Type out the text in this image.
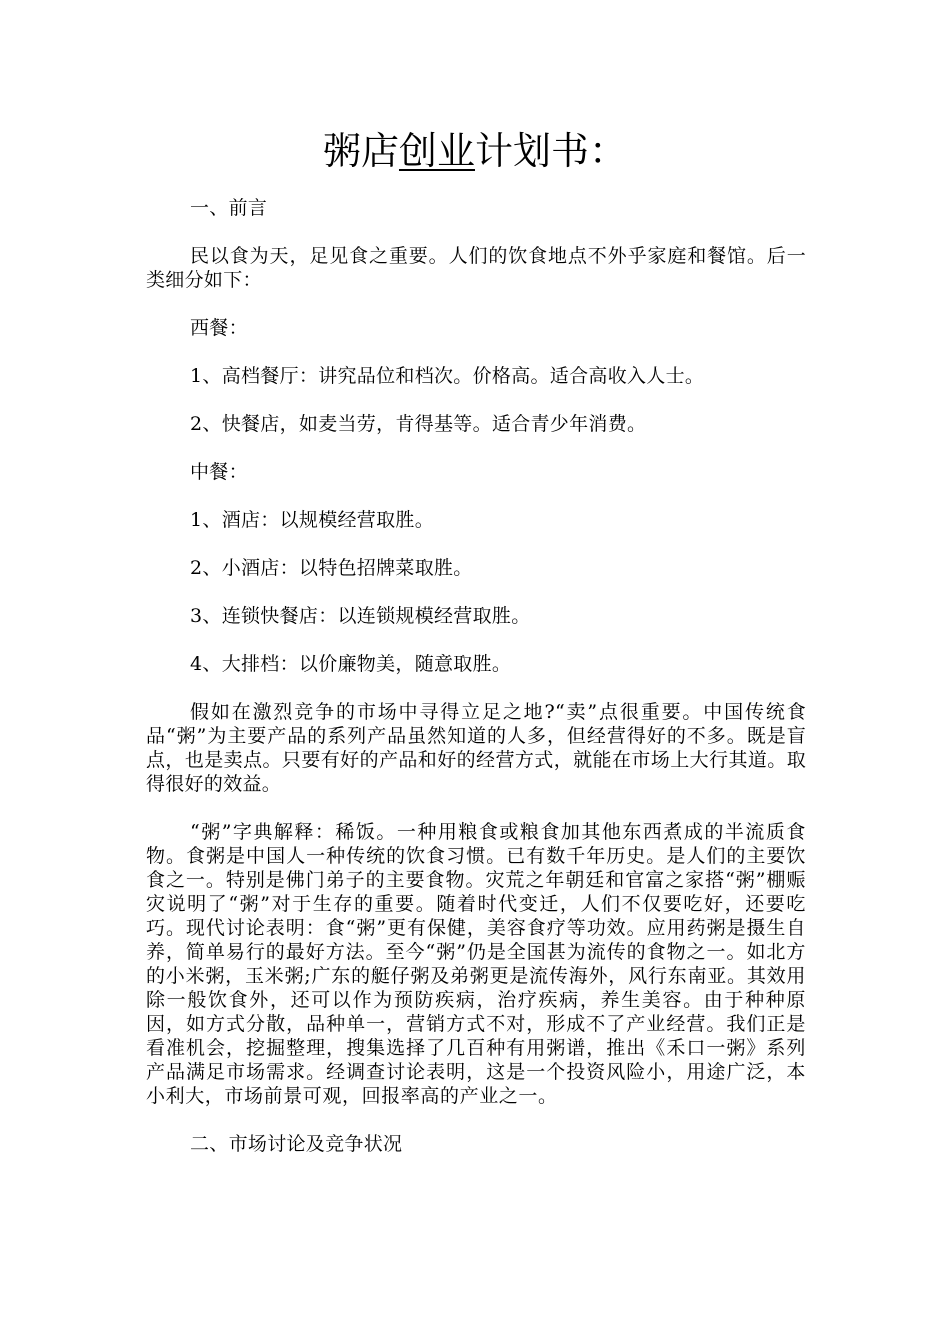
粥店创业计划书：

一、前言

民以食为天，足见食之重要。人们的饮食地点不外乎家庭和餐馆。后一类细分如下：

西餐：

1、高档餐厅：讲究品位和档次。价格高。适合高收入人士。

2、快餐店，如麦当劳，肯得基等。适合青少年消费。

中餐：

1、酒店：以规模经营取胜。

2、小酒店：以特色招牌菜取胜。

3、连锁快餐店：以连锁规模经营取胜。

4、大排档：以价廉物美，随意取胜。

假如在激烈竞争的市场中寻得立足之地?“卖”点很重要。中国传统食品“粥”为主要产品的系列产品虽然知道的人多，但经营得好的不多。既是盲点，也是卖点。只要有好的产品和好的经营方式，就能在市场上大行其道。取得很好的效益。

“粥”字典解释：稀饭。一种用粮食或粮食加其他东西煮成的半流质食物。食粥是中国人一种传统的饮食习惯。已有数千年历史。是人们的主要饮食之一。特别是佛门弟子的主要食物。灾荒之年朝廷和官富之家搭“粥”棚赈灾说明了“粥”对于生存的重要。随着时代变迁，人们不仅要吃好，还要吃巧。现代讨论表明：食“粥”更有保健，美容食疗等功效。应用药粥是摄生自养，简单易行的最好方法。至今“粥”仍是全国甚为流传的食物之一。如北方的小米粥，玉米粥;广东的艇仔粥及弟粥更是流传海外，风行东南亚。其效用除一般饮食外，还可以作为预防疾病，治疗疾病，养生美容。由于种种原因，如方式分散，品种单一，营销方式不对，形成不了产业经营。我们正是看准机会，挖掘整理，搜集选择了几百种有用粥谱，推出《禾口一粥》系列产品满足市场需求。经调查讨论表明，这是一个投资风险小，用途广泛，本小利大，市场前景可观，回报率高的产业之一。

二、市场讨论及竞争状况
